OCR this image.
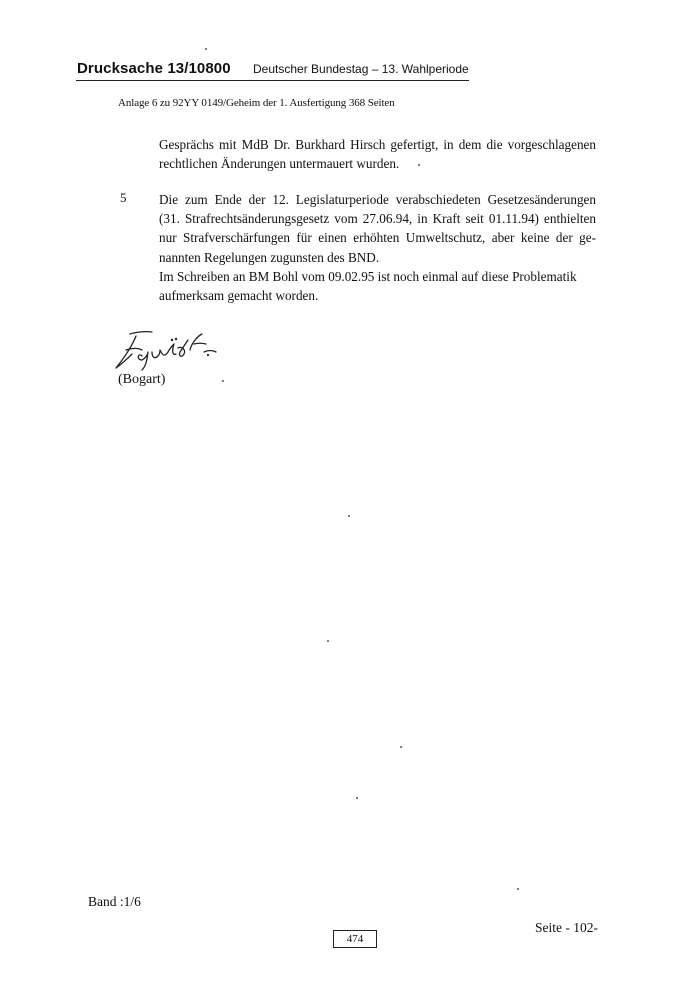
Drucksache 13/10800 Deutscher Bundestag – 13. Wahlperiode
Anlage 6 zu 92YY 0149/Geheim der 1. Ausfertigung 368 Seiten

Gesprächs mit MdB Dr. Burkhard Hirsch gefertigt, in dem die vorgeschlagenen

rechtlichen Änderungen untermauert wurden.

5 Die zum Ende der 12. Legislaturperiode verabschiedeten Gesetzesänderungen

(31. Strafrechtsänderungsgesetz vom 27.06.94, in Kraft seit 01.11.94) enthielten

nur Strafverschärfungen für einen erhöhten Umweltschutz, aber keine der ge-

nannten Regelungen zugunsten des BND.

Im Schreiben an BM Bohl vom 09.02.95 ist noch einmal auf diese Problematik

aufmerksam gemacht worden.

(Bogart)
Band :1/6
474
Seite - 102-
